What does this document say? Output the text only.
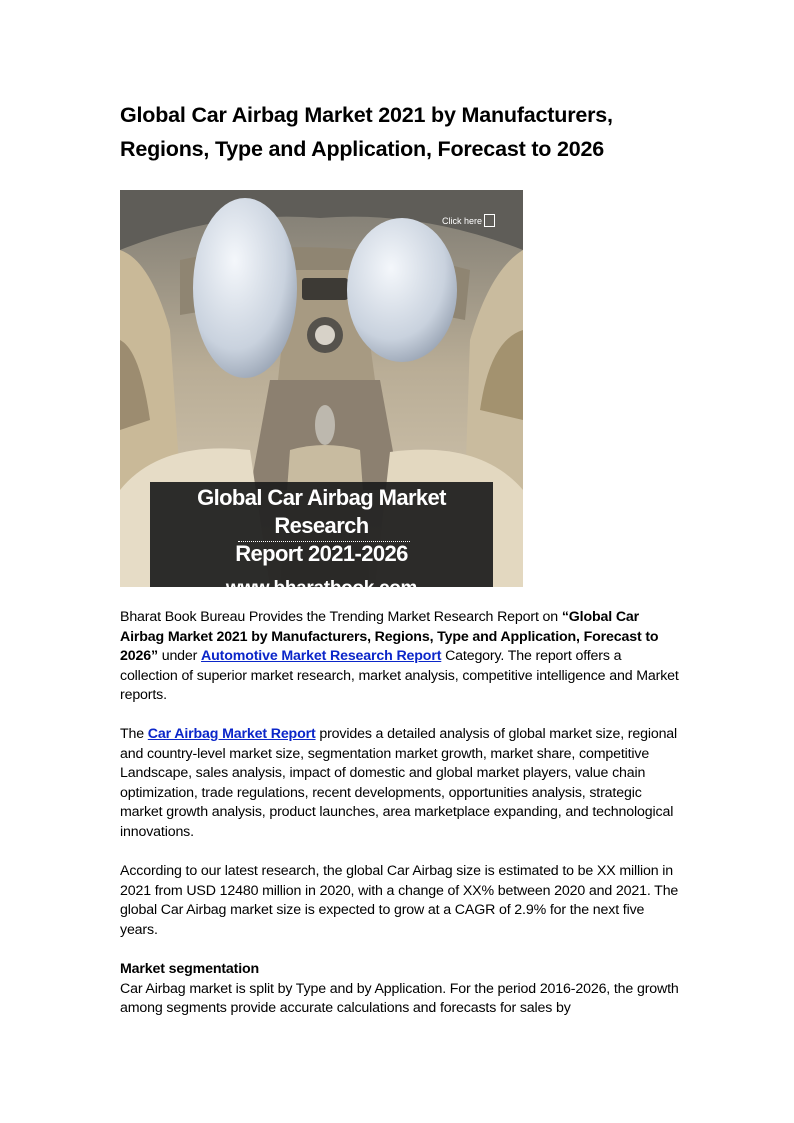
Global Car Airbag Market 2021 by Manufacturers, Regions, Type and Application, Forecast to 2026
Click here
Global Car Airbag Market Research
Report 2021-2026
www.bharatbook.com

Bharat Book Bureau Provides the Trending Market Research Report on “Global Car Airbag Market 2021 by Manufacturers, Regions, Type and Application, Forecast to 2026” under Automotive Market Research Report Category. The report offers a collection of superior market research, market analysis, competitive intelligence and Market reports.

The Car Airbag Market Report provides a detailed analysis of global market size, regional and country-level market size, segmentation market growth, market share, competitive Landscape, sales analysis, impact of domestic and global market players, value chain optimization, trade regulations, recent developments, opportunities analysis, strategic market growth analysis, product launches, area marketplace expanding, and technological innovations.

According to our latest research, the global Car Airbag size is estimated to be XX million in 2021 from USD 12480 million in 2020, with a change of XX% between 2020 and 2021. The global Car Airbag market size is expected to grow at a CAGR of 2.9% for the next five years.

Market segmentation
Car Airbag market is split by Type and by Application. For the period 2016-2026, the growth among segments provide accurate calculations and forecasts for sales by
